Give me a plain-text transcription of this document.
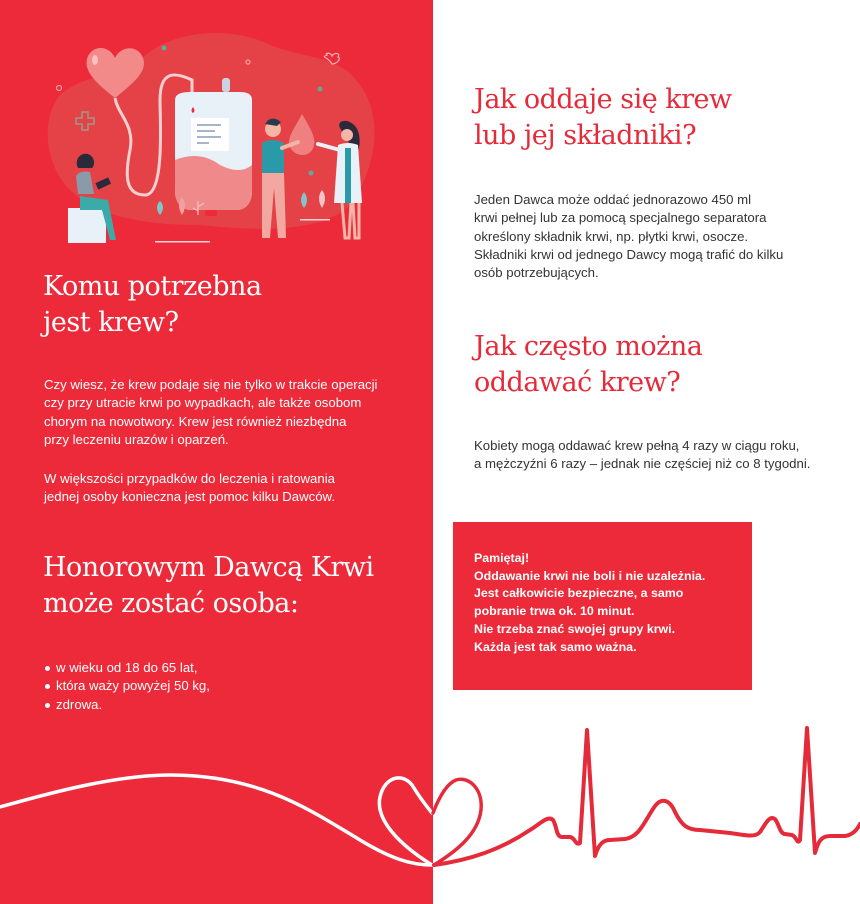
Komu potrzebna
jest krew?

Czy wiesz, że krew podaje się nie tylko w trakcie operacji
czy przy utracie krwi po wypadkach, ale także osobom
chorym na nowotwory. Krew jest również niezbędna
przy leczeniu urazów i oparzeń.

W większości przypadków do leczenia i ratowania
jednej osoby konieczna jest pomoc kilku Dawców.

Honorowym Dawcą Krwi
może zostać osoba:
w wieku od 18 do 65 lat,
która waży powyżej 50 kg,
zdrowa.
Jak oddaje się krew
lub jej składniki?

Jeden Dawca może oddać jednorazowo 450 ml
krwi pełnej lub za pomocą specjalnego separatora
określony składnik krwi, np. płytki krwi, osocze.
Składniki krwi od jednego Dawcy mogą trafić do kilku
osób potrzebujących.

Jak często można
oddawać krew?

Kobiety mogą oddawać krew pełną 4 razy w ciągu roku,
a mężczyźni 6 razy – jednak nie częściej niż co 8 tygodni.

Pamiętaj!
Oddawanie krwi nie boli i nie uzależnia.
Jest całkowicie bezpieczne, a samo
pobranie trwa ok. 10 minut.
Nie trzeba znać swojej grupy krwi.
Każda jest tak samo ważna.
